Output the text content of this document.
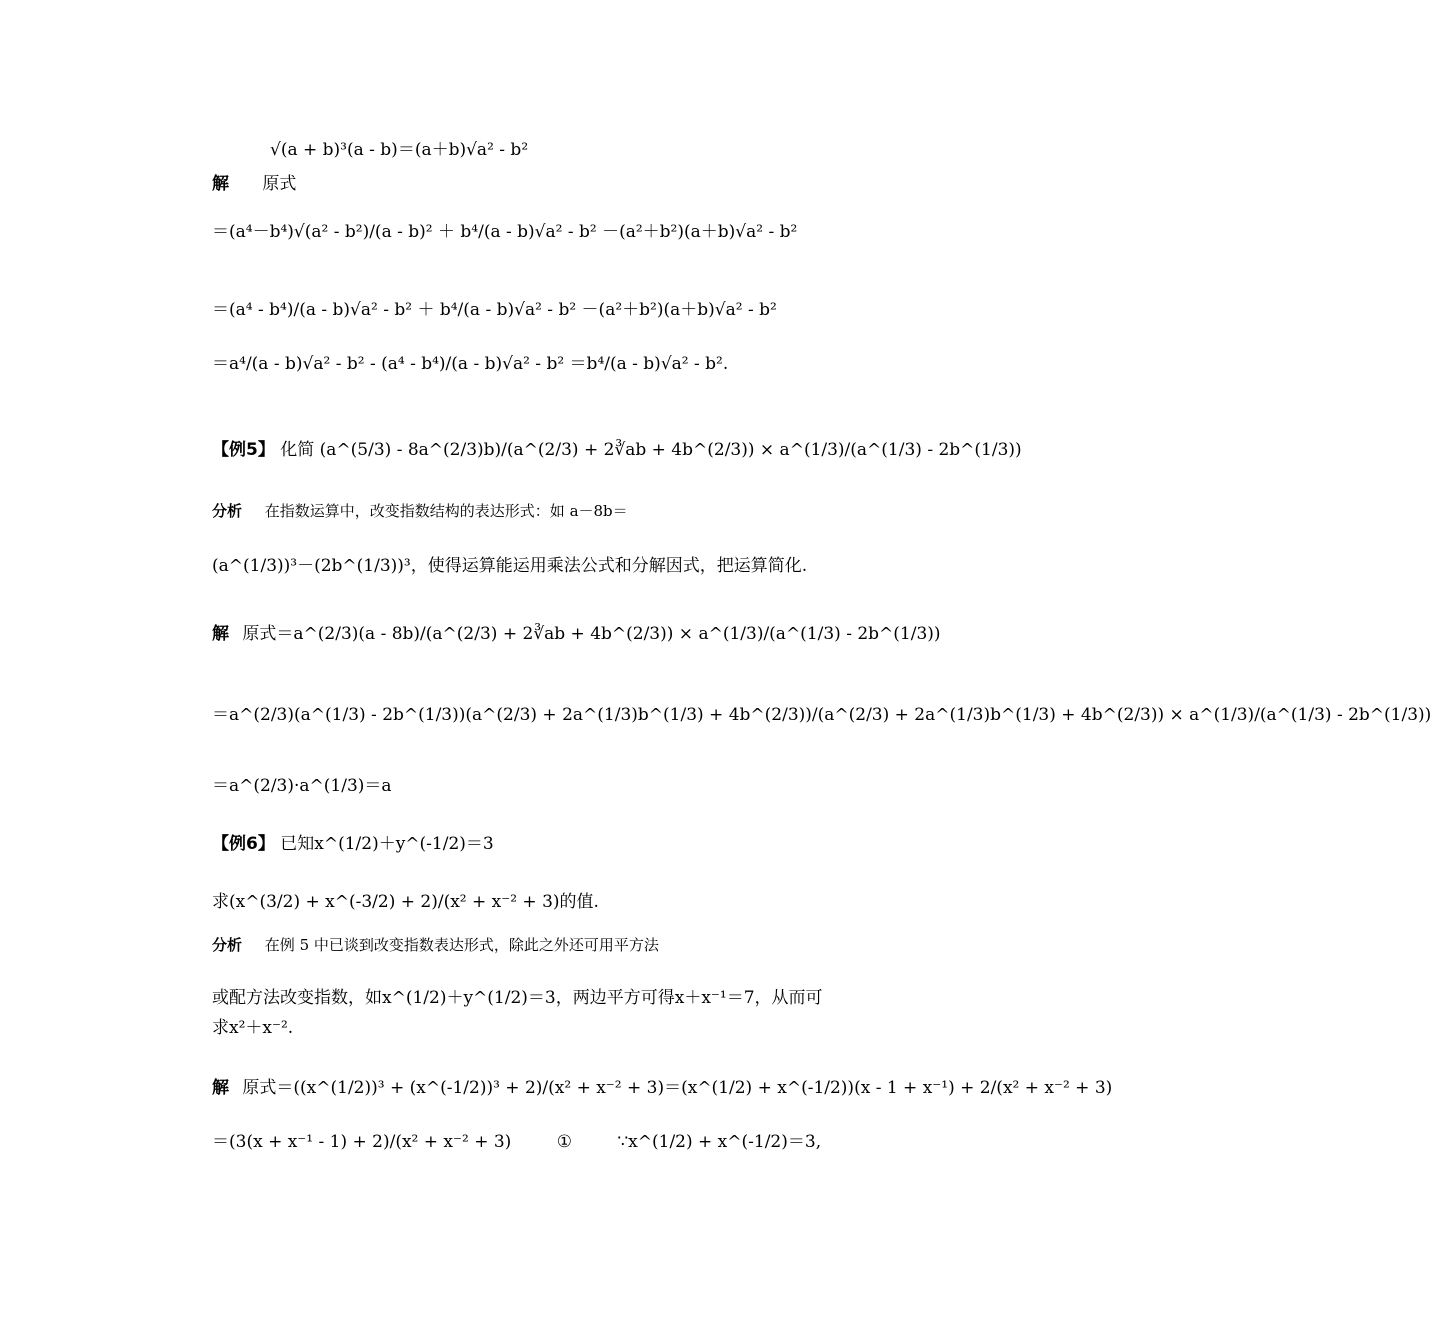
√(a + b)³(a - b)＝(a＋b)√a² - b²
解 原式
＝(a⁴－b⁴)√(a² - b²)/(a - b)² ＋ b⁴/(a - b)√a² - b² －(a²＋b²)(a＋b)√a² - b²
＝(a⁴ - b⁴)/(a - b)√a² - b² ＋ b⁴/(a - b)√a² - b² －(a²＋b²)(a＋b)√a² - b²
＝a⁴/(a - b)√a² - b² - (a⁴ - b⁴)/(a - b)√a² - b² ＝b⁴/(a - b)√a² - b².
【例5】 化简 (a^(5/3) - 8a^(2/3)b)/(a^(2/3) + 2∛ab + 4b^(2/3)) × a^(1/3)/(a^(1/3) - 2b^(1/3))
分析 在指数运算中，改变指数结构的表达形式：如 a－8b＝
(a^(1/3))³－(2b^(1/3))³，使得运算能运用乘法公式和分解因式，把运算简化.
解 原式＝a^(2/3)(a - 8b)/(a^(2/3) + 2∛ab + 4b^(2/3)) × a^(1/3)/(a^(1/3) - 2b^(1/3))
＝a^(2/3)(a^(1/3) - 2b^(1/3))(a^(2/3) + 2a^(1/3)b^(1/3) + 4b^(2/3))/(a^(2/3) + 2a^(1/3)b^(1/3) + 4b^(2/3)) × a^(1/3)/(a^(1/3) - 2b^(1/3))
＝a^(2/3)·a^(1/3)＝a
【例6】 已知x^(1/2)＋y^(-1/2)＝3
求(x^(3/2) + x^(-3/2) + 2)/(x² + x⁻² + 3)的值.
分析 在例 5 中已谈到改变指数表达形式，除此之外还可用平方法
或配方法改变指数，如x^(1/2)＋y^(1/2)＝3，两边平方可得x＋x⁻¹＝7，从而可
求x²＋x⁻².
解 原式＝((x^(1/2))³ + (x^(-1/2))³ + 2)/(x² + x⁻² + 3)＝(x^(1/2) + x^(-1/2))(x - 1 + x⁻¹) + 2/(x² + x⁻² + 3)
＝(3(x + x⁻¹ - 1) + 2)/(x² + x⁻² + 3)	①	∵x^(1/2) + x^(-1/2)＝3,
